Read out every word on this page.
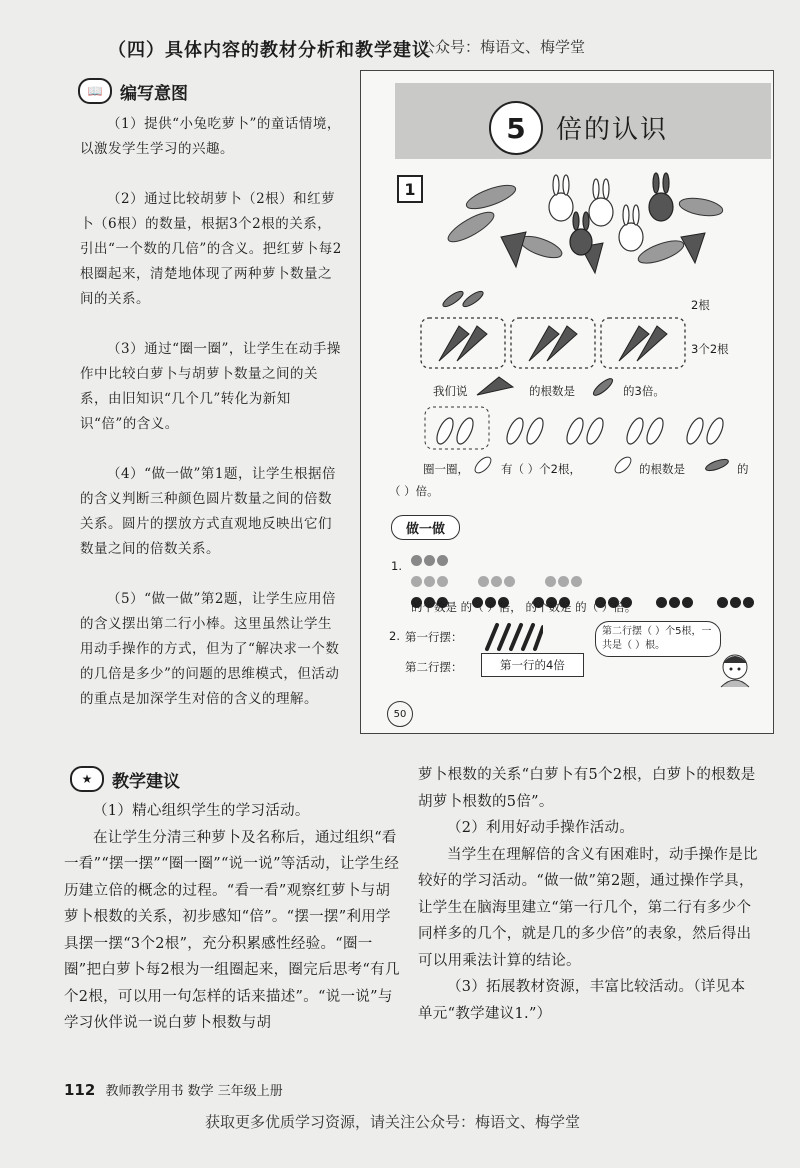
（四）具体内容的教材分析和教学建议
公众号：梅语文、梅学堂
📖	编写意图

（1）提供“小兔吃萝卜”的童话情境，以激发学生学习的兴趣。

（2）通过比较胡萝卜（2根）和红萝卜（6根）的数量，根据3个2根的关系，引出“一个数的几倍”的含义。把红萝卜每2根圈起来，清楚地体现了两种萝卜数量之间的关系。

（3）通过“圈一圈”，让学生在动手操作中比较白萝卜与胡萝卜数量之间的关系，由旧知识“几个几”转化为新知识“倍”的含义。

（4）“做一做”第1题，让学生根据倍的含义判断三种颜色圆片数量之间的倍数关系。圆片的摆放方式直观地反映出它们数量之间的倍数关系。

（5）“做一做”第2题，让学生应用倍的含义摆出第二行小棒。这里虽然让学生用动手操作的方式，但为了“解决求一个数的几倍是多少”的问题的思维模式，但活动的重点是加深学生对倍的含义的理解。

5	倍的认识
1
2根
3个2根
我们说	的根数是	的3倍。
圈一圈，	有（ ）个2根，	的根数是	的
（ ）倍。
做一做
1.

的个数是 的（ ）倍， 的个数是 的（ ）倍。
2. 第一行摆：	第二行摆（ ）个5根，一共是（ ）根。
第二行摆：	第一行的4倍
50
★	教学建议

（1）精心组织学生的学习活动。

在让学生分清三种萝卜及名称后，通过组织“看一看”“摆一摆”“圈一圈”“说一说”等活动，让学生经历建立倍的概念的过程。“看一看”观察红萝卜与胡萝卜根数的关系，初步感知“倍”。“摆一摆”利用学具摆一摆“3个2根”，充分积累感性经验。“圈一圈”把白萝卜每2根为一组圈起来，圈完后思考“有几个2根，可以用一句怎样的话来描述”。“说一说”与学习伙伴说一说白萝卜根数与胡

萝卜根数的关系“白萝卜有5个2根，白萝卜的根数是胡萝卜根数的5倍”。

（2）利用好动手操作活动。

当学生在理解倍的含义有困难时，动手操作是比较好的学习活动。“做一做”第2题，通过操作学具，让学生在脑海里建立“第一行几个，第二行有多少个同样多的几个，就是几的多少倍”的表象，然后得出可以用乘法计算的结论。

（3）拓展教材资源，丰富比较活动。（详见本单元“教学建议1.”）

112 教师教学用书 数学 三年级上册
获取更多优质学习资源，请关注公众号：梅语文、梅学堂
